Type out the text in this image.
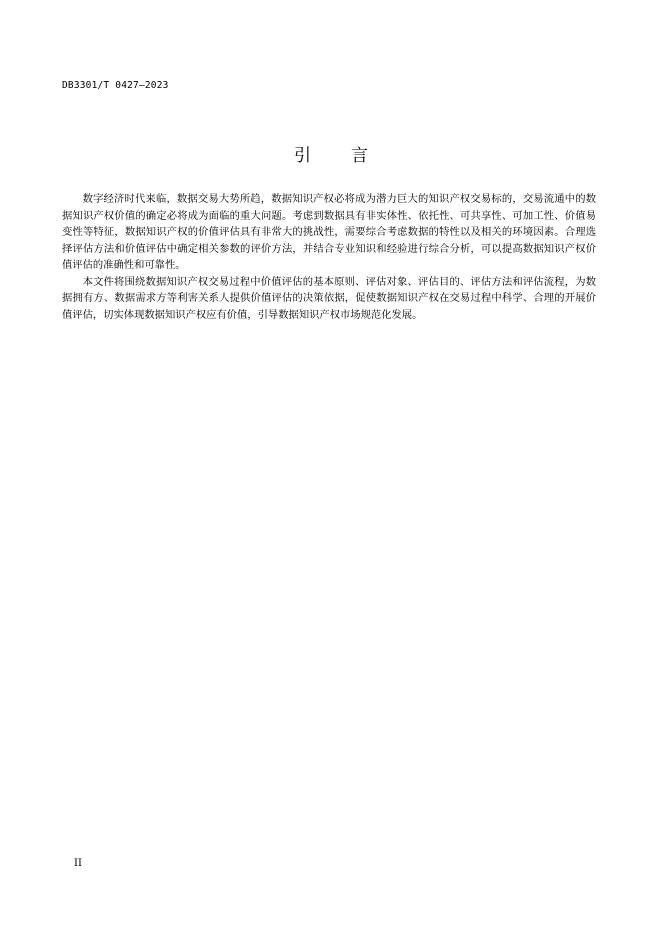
DB3301/T 0427—2023
引 言

数字经济时代来临，数据交易大势所趋，数据知识产权必将成为潜力巨大的知识产权交易标的，交易流通中的数据知识产权价值的确定必将成为面临的重大问题。考虑到数据具有非实体性、依托性、可共享性、可加工性、价值易变性等特征，数据知识产权的价值评估具有非常大的挑战性，需要综合考虑数据的特性以及相关的环境因素。合理选择评估方法和价值评估中确定相关参数的评价方法，并结合专业知识和经验进行综合分析，可以提高数据知识产权价值评估的准确性和可靠性。

本文件将围绕数据知识产权交易过程中价值评估的基本原则、评估对象、评估目的、评估方法和评估流程，为数据拥有方、数据需求方等利害关系人提供价值评估的决策依据，促使数据知识产权在交易过程中科学、合理的开展价值评估，切实体现数据知识产权应有价值，引导数据知识产权市场规范化发展。

II
